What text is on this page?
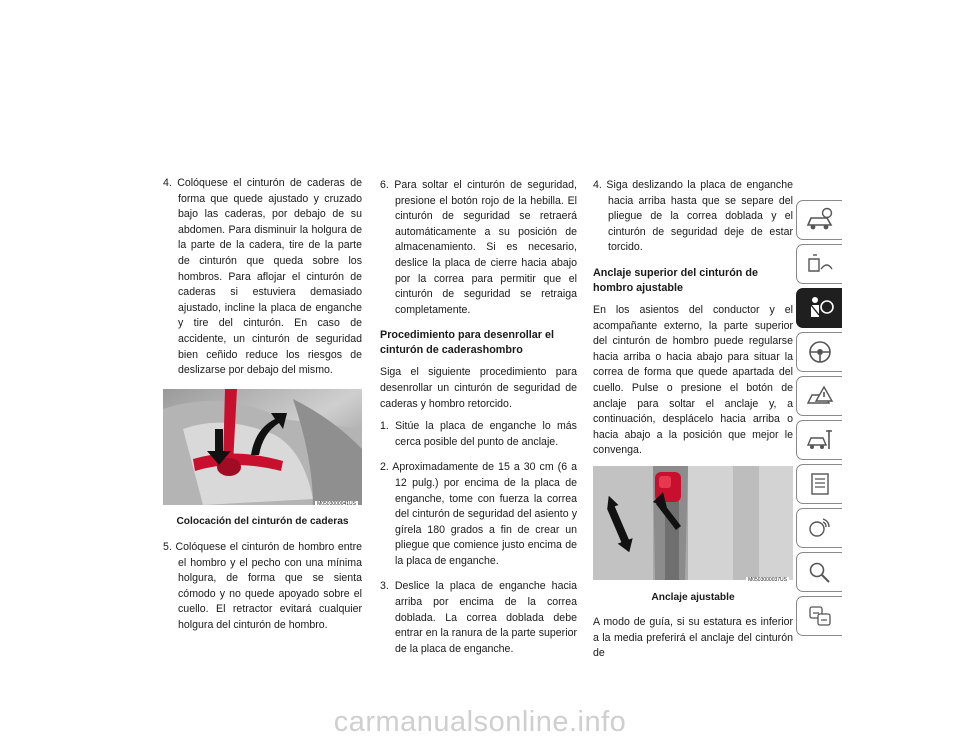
4. Colóquese el cinturón de caderas de forma que quede ajustado y cruzado bajo las caderas, por debajo de su abdomen. Para disminuir la holgura de la parte de la cadera, tire de la parte de cinturón que queda sobre los hombros. Para aflojar el cinturón de caderas si estuviera demasiado ajustado, incline la placa de enganche y tire del cinturón. En caso de accidente, un cinturón de seguridad bien ceñido reduce los riesgos de deslizarse por debajo del mismo.
M0503000041US
Colocación del cinturón de caderas
5. Colóquese el cinturón de hombro entre el hombro y el pecho con una mínima holgura, de forma que se sienta cómodo y no quede apoyado sobre el cuello. El retractor evitará cualquier holgura del cinturón de hombro.
6. Para soltar el cinturón de seguridad, presione el botón rojo de la hebilla. El cinturón de seguridad se retraerá automáticamente a su posición de almacenamiento. Si es necesario, deslice la placa de cierre hacia abajo por la correa para permitir que el cinturón de seguridad se retraiga completamente.
Procedimiento para desenrollar el cinturón de caderashombro

Siga el siguiente procedimiento para desenrollar un cinturón de seguridad de caderas y hombro retorcido.

1. Sitúe la placa de enganche lo más cerca posible del punto de anclaje.
2. Aproximadamente de 15 a 30 cm (6 a 12 pulg.) por encima de la placa de enganche, tome con fuerza la correa del cinturón de seguridad del asiento y gírela 180 grados a fin de crear un pliegue que comience justo encima de la placa de enganche.
3. Deslice la placa de enganche hacia arriba por encima de la correa doblada. La correa doblada debe entrar en la ranura de la parte superior de la placa de enganche.
4. Siga deslizando la placa de enganche hacia arriba hasta que se separe del pliegue de la correa doblada y el cinturón de seguridad deje de estar torcido.
Anclaje superior del cinturón de hombro ajustable

En los asientos del conductor y el acompañante externo, la parte superior del cinturón de hombro puede regularse hacia arriba o hacia abajo para situar la correa de forma que quede apartada del cuello. Pulse o presione el botón de anclaje para soltar el anclaje y, a continuación, desplácelo hacia arriba o hacia abajo a la posición que mejor le convenga.

M0503000037US
Anclaje ajustable

A modo de guía, si su estatura es inferior a la media preferirá el anclaje del cinturón de

carmanualsonline.info
